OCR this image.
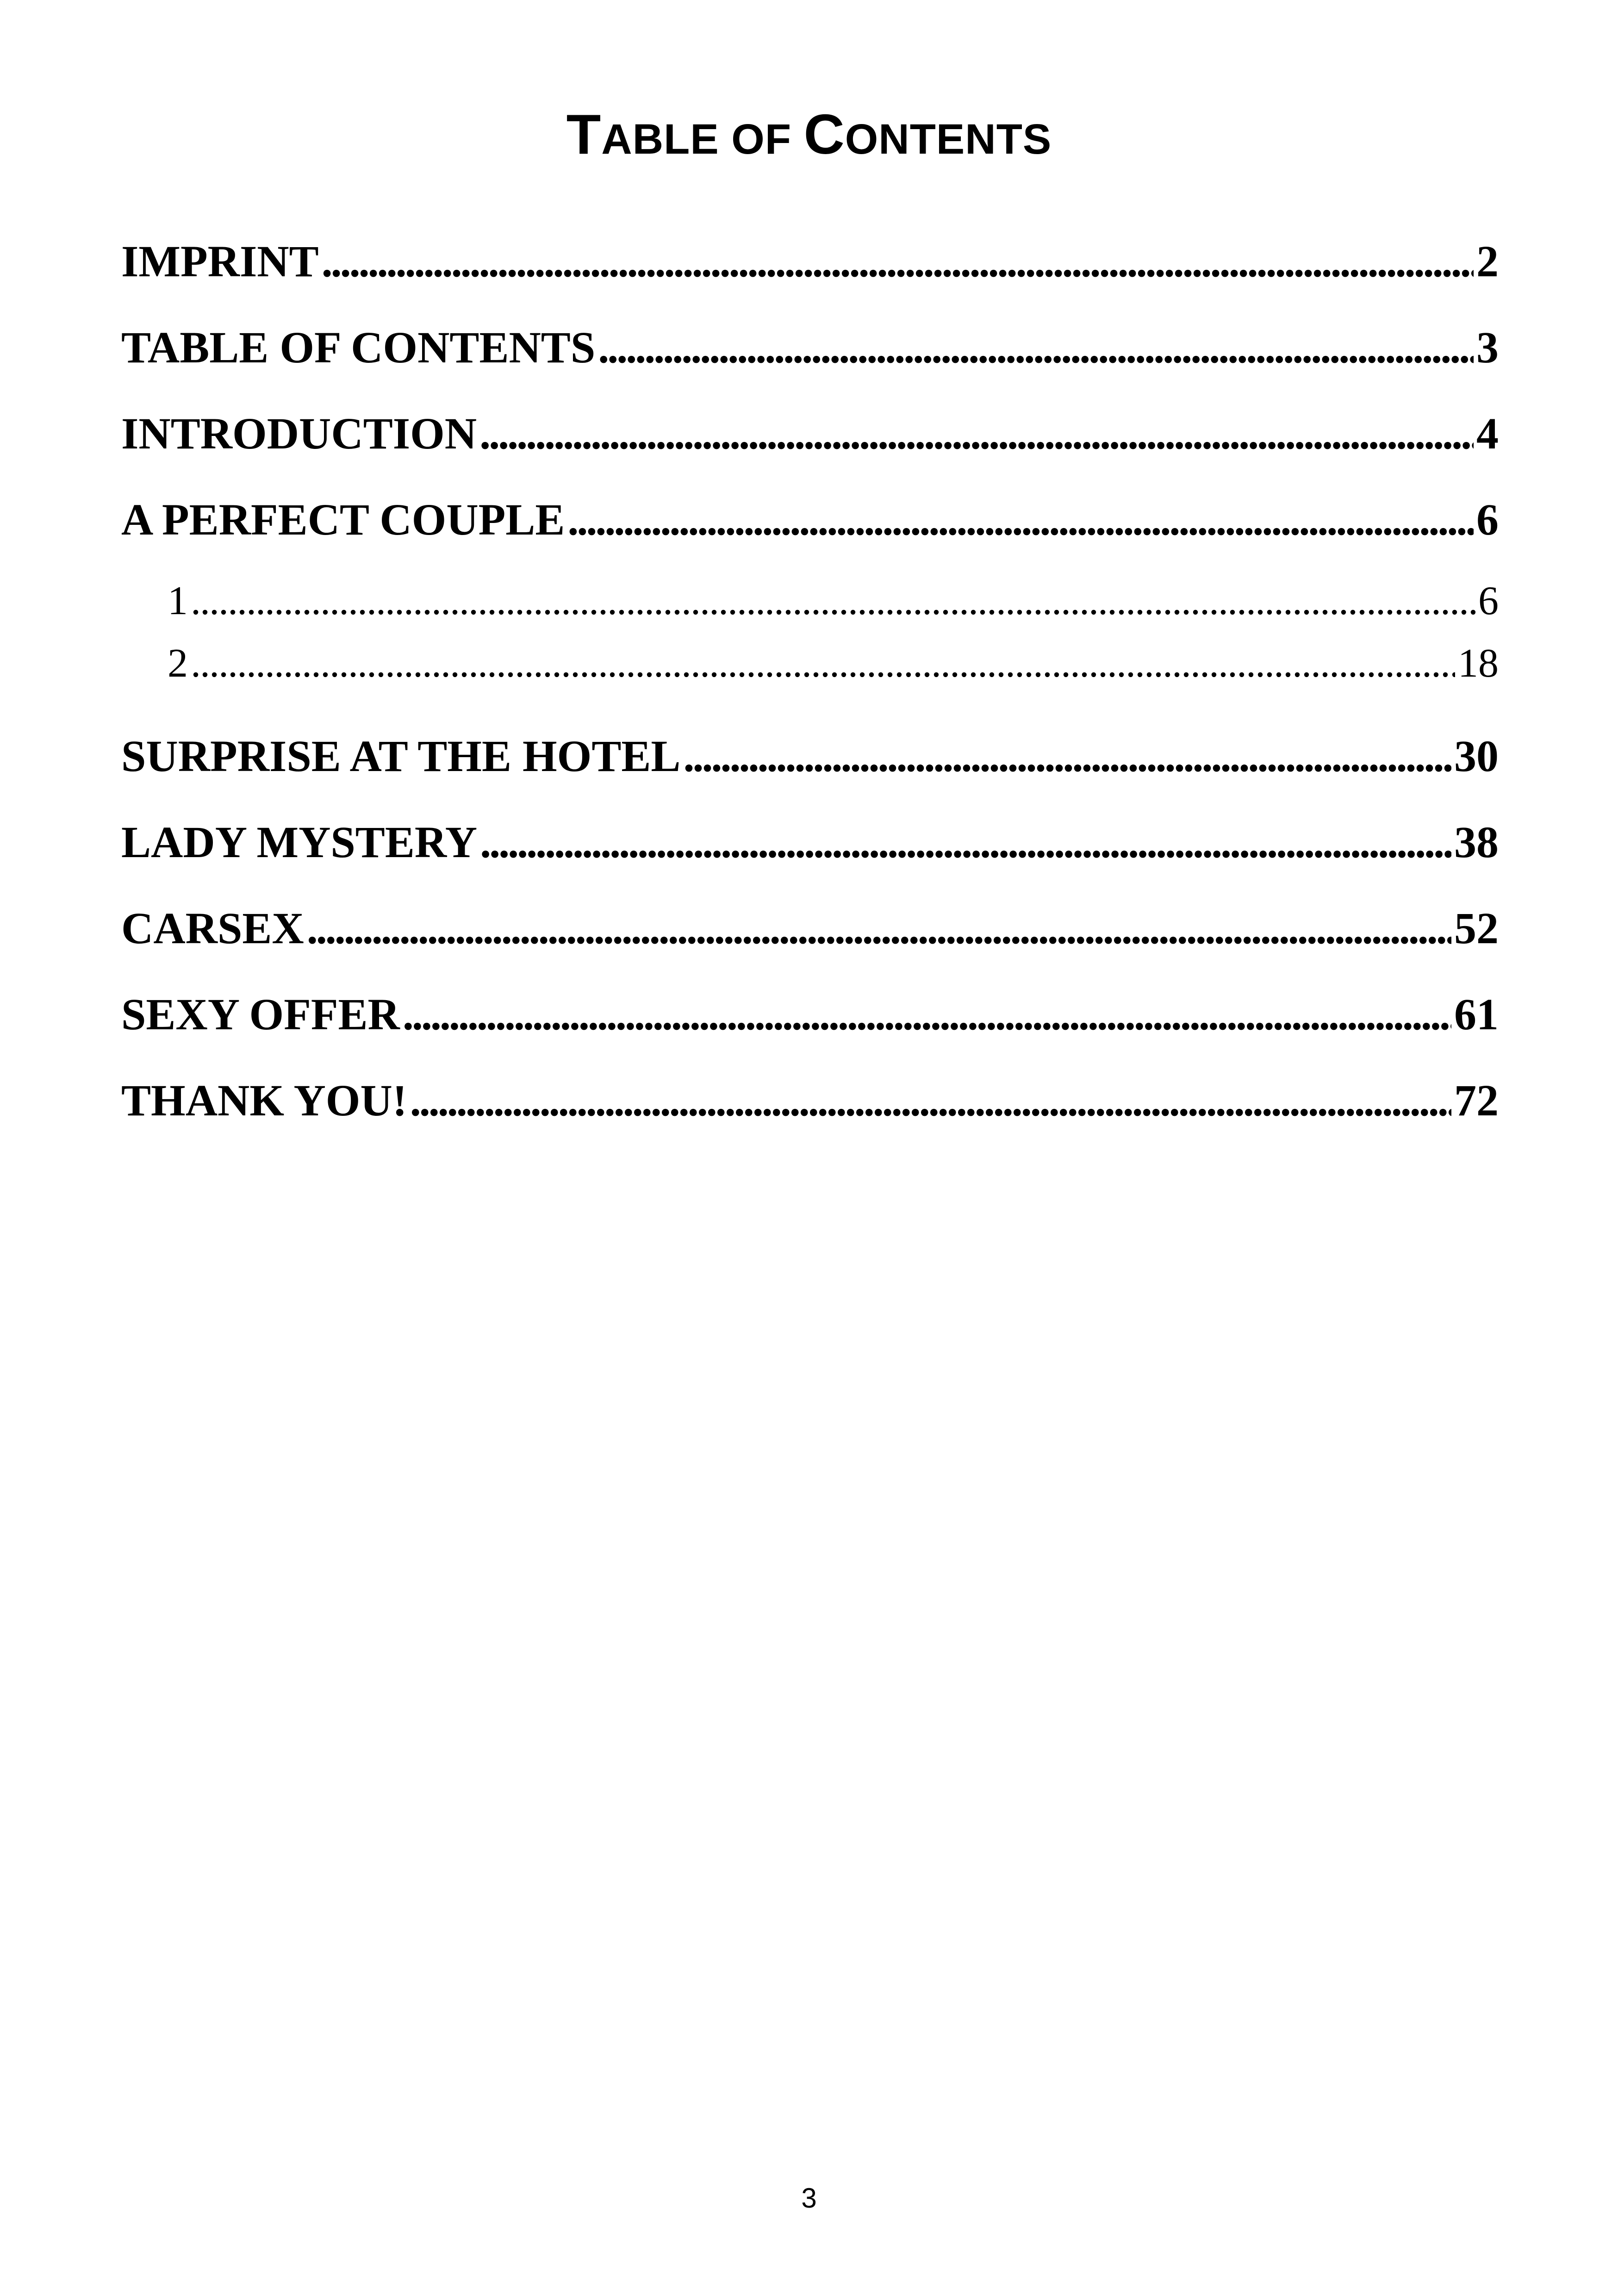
TABLE OF CONTENTS
IMPRINT . . .	2
TABLE OF CONTENTS . . .	3
INTRODUCTION . . .	4
A PERFECT COUPLE . . .	6
1 . . .	6
2 . . .	18
SURPRISE AT THE HOTEL . . .	30
LADY MYSTERY . . .	38
CARSEX . . .	52
SEXY OFFER . . .	61
THANK YOU! . . .	72
3
